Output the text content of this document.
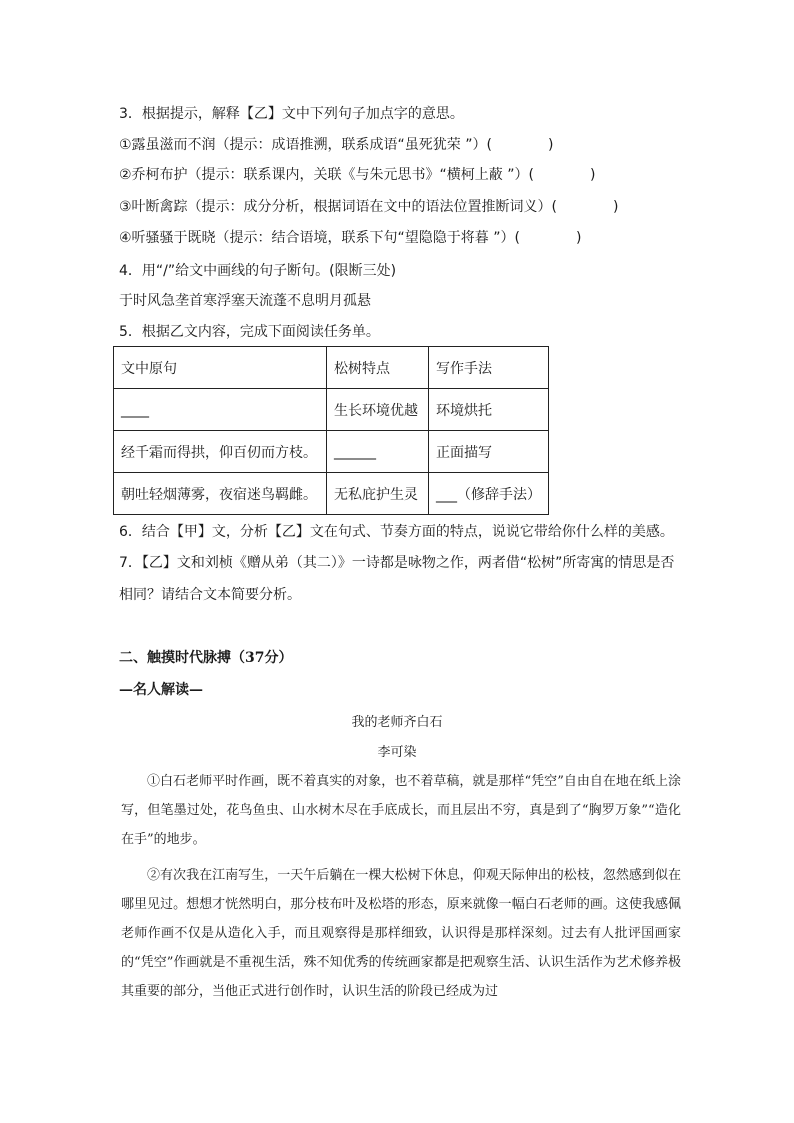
3．根据提示，解释【乙】文中下列句子加点字的意思。
①露虽滋而不润（提示：成语推溯，联系成语“虽死犹荣 ”）(　　　　)
②乔柯布护（提示：联系课内，关联《与朱元思书》“横柯上蔽 ”）(　　　　)
③叶断禽踪（提示：成分分析，根据词语在文中的语法位置推断词义）(　　　　)
④听骚骚于既晓（提示：结合语境，联系下句“望隐隐于将暮 ”）(　　　　)
4．用“/”给文中画线的句子断句。(限断三处)
于时风急垄首寒浮塞天流蓬不息明月孤悬
5．根据乙文内容，完成下面阅读任务单。
文中原句	松树特点	写作手法
____	生长环境优越	环境烘托
经千霜而得拱，仰百仞而方枝。	______	正面描写
朝吐轻烟薄雾，夜宿迷鸟羁雌。	无私庇护生灵	___（修辞手法）
6．结合【甲】文，分析【乙】文在句式、节奏方面的特点，说说它带给你什么样的美感。
7．【乙】文和刘桢《赠从弟（其二）》一诗都是咏物之作，两者借“松树”所寄寓的情思是否
相同？请结合文本简要分析。
二、触摸时代脉搏（37分）
—名人解读—
我的老师齐白石
李可染
①白石老师平时作画，既不着真实的对象，也不着草稿，就是那样“凭空”自由自在地在纸上涂写，但笔墨过处，花鸟鱼虫、山水树木尽在手底成长，而且层出不穷，真是到了“胸罗万象”“造化在手”的地步。
②有次我在江南写生，一天午后躺在一棵大松树下休息，仰观天际伸出的松枝，忽然感到似在哪里见过。想想才恍然明白，那分枝布叶及松塔的形态，原来就像一幅白石老师的画。这使我感佩老师作画不仅是从造化入手，而且观察得是那样细致，认识得是那样深刻。过去有人批评国画家的“凭空”作画就是不重视生活，殊不知优秀的传统画家都是把观察生活、认识生活作为艺术修养极其重要的部分，当他正式进行创作时，认识生活的阶段已经成为过
